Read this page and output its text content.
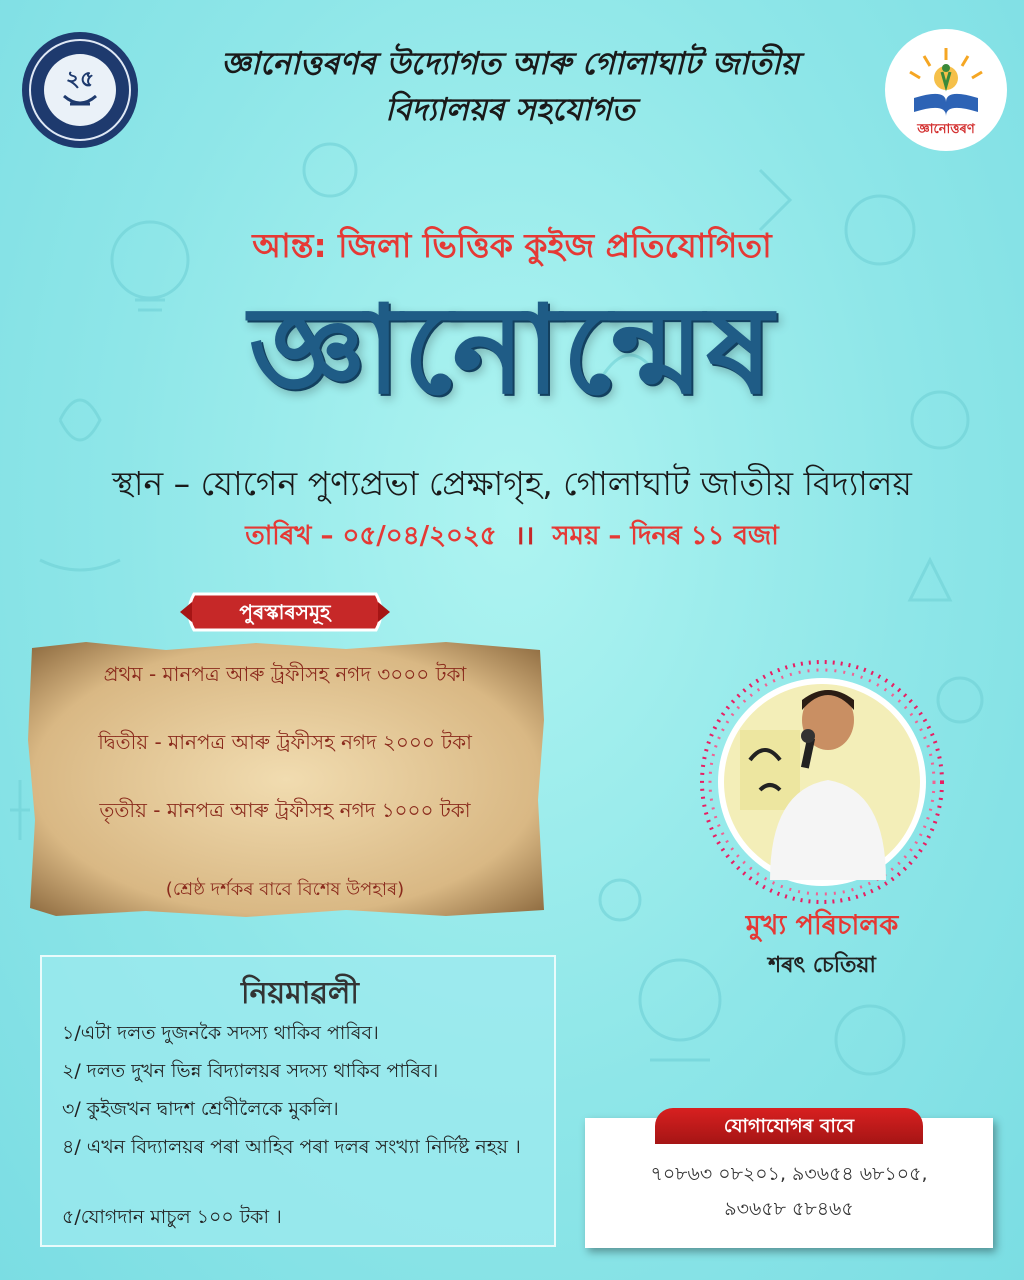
২৫
জ্ঞানোত্তৰণ
জ্ঞানোত্তৰণৰ উদ্যোগত আৰু গোলাঘাট জাতীয়
বিদ্যালয়ৰ সহযোগত
আন্ত: জিলা ভিত্তিক কুইজ প্রতিযোগিতা
জ্ঞানোন্মেষ
স্থান – যোগেন পুণ্যপ্ৰভা প্ৰেক্ষাগৃহ, গোলাঘাট জাতীয় বিদ্যালয়
তাৰিখ – ০৫/০৪/২০২৫ ।। সময় – দিনৰ ১১ বজা
পুৰস্কাৰসমূহ
প্ৰথম - মানপত্ৰ আৰু ট্ৰফীসহ নগদ ৩০০০ টকা
দ্বিতীয় - মানপত্ৰ আৰু ট্ৰফীসহ নগদ ২০০০ টকা
তৃতীয় - মানপত্ৰ আৰু ট্ৰফীসহ নগদ ১০০০ টকা
(শ্ৰেষ্ঠ দৰ্শকৰ বাবে বিশেষ উপহাৰ)
নিয়মাৱলী
১/এটা দলত দুজনকৈ সদস্য থাকিব পাৰিব।
২/ দলত দুখন ভিন্ন বিদ্যালয়ৰ সদস্য থাকিব পাৰিব।
৩/ কুইজখন দ্বাদশ শ্ৰেণীলৈকে মুকলি।
৪/ এখন বিদ্যালয়ৰ পৰা আহিব পৰা দলৰ সংখ্যা নিৰ্দিষ্ট নহয় ।
৫/যোগদান মাচুল ১০০ টকা ।
মুখ্য পৰিচালক
শৰৎ চেতিয়া
যোগাযোগৰ বাবে
৭০৮৬৩ ০৮২০১, ৯৩৬৫৪ ৬৮১০৫,
৯৩৬৫৮ ৫৮৪৬৫
